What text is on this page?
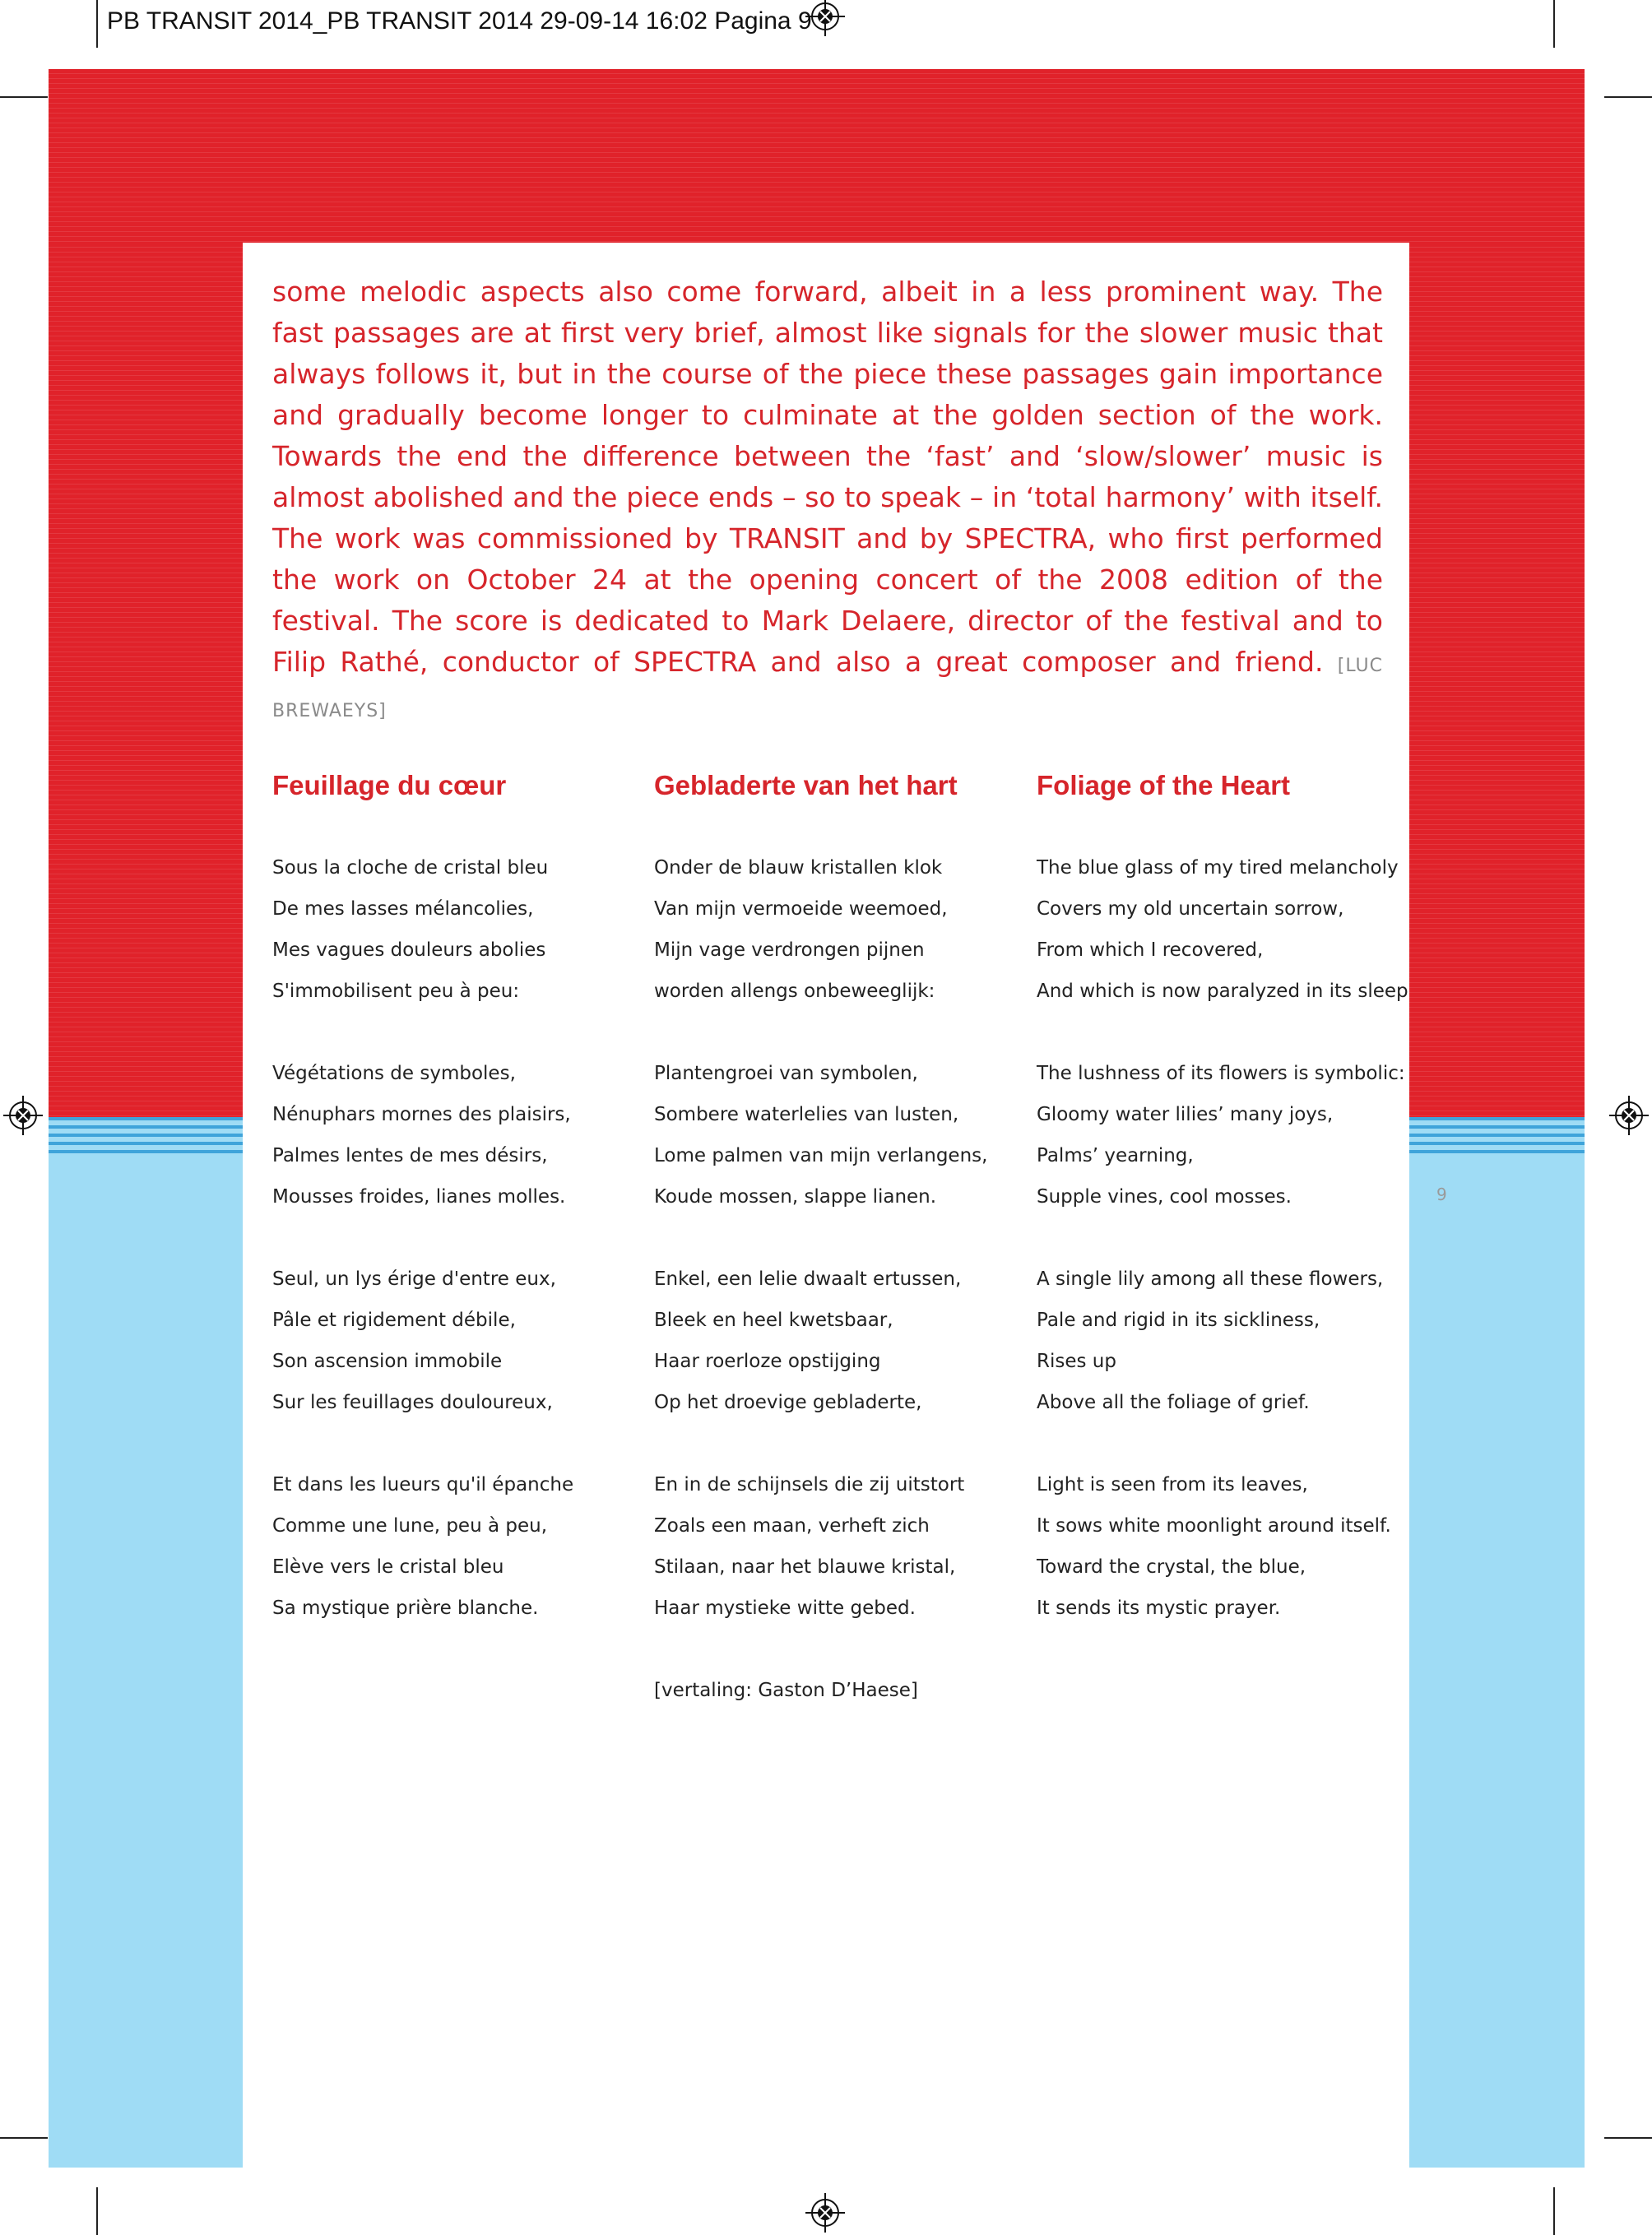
PB TRANSIT 2014_PB TRANSIT 2014 29-09-14 16:02 Pagina 9

some melodic aspects also come forward, albeit in a less prominent way. The fast passages are at first very brief, almost like signals for the slower music that always follows it, but in the course of the piece these passages gain importance and gradually become longer to culminate at the golden section of the work. Towards the end the difference between the ‘fast’ and ‘slow/slower’ music is almost abolished and the piece ends – so to speak – in ‘total harmony’ with itself. The work was commissioned by TRANSIT and by SPECTRA, who first performed the work on October 24 at the opening concert of the 2008 edition of the festival. The score is dedicated to Mark Delaere, director of the festival and to Filip Rathé, conductor of SPECTRA and also a great composer and friend. [LUC BREWAEYS]

Feuillage du cœur
Sous la cloche de cristal bleu
De mes lasses mélancolies,
Mes vagues douleurs abolies
S'immobilisent peu à peu:
Végétations de symboles,
Nénuphars mornes des plaisirs,
Palmes lentes de mes désirs,
Mousses froides, lianes molles.
Seul, un lys érige d'entre eux,
Pâle et rigidement débile,
Son ascension immobile
Sur les feuillages douloureux,
Et dans les lueurs qu'il épanche
Comme une lune, peu à peu,
Elève vers le cristal bleu
Sa mystique prière blanche.
Gebladerte van het hart
Onder de blauw kristallen klok
Van mijn vermoeide weemoed,
Mijn vage verdrongen pijnen
worden allengs onbeweeglijk:
Plantengroei van symbolen,
Sombere waterlelies van lusten,
Lome palmen van mijn verlangens,
Koude mossen, slappe lianen.
Enkel, een lelie dwaalt ertussen,
Bleek en heel kwetsbaar,
Haar roerloze opstijging
Op het droevige gebladerte,
En in de schijnsels die zij uitstort
Zoals een maan, verheft zich
Stilaan, naar het blauwe kristal,
Haar mystieke witte gebed.
[vertaling: Gaston D’Haese]
Foliage of the Heart
The blue glass of my tired melancholy
Covers my old uncertain sorrow,
From which I recovered,
And which is now paralyzed in its sleep
The lushness of its flowers is symbolic:
Gloomy water lilies’ many joys,
Palms’ yearning,
Supple vines, cool mosses.
A single lily among all these flowers,
Pale and rigid in its sickliness,
Rises up
Above all the foliage of grief.
Light is seen from its leaves,
It sows white moonlight around itself.
Toward the crystal, the blue,
It sends its mystic prayer.
9
